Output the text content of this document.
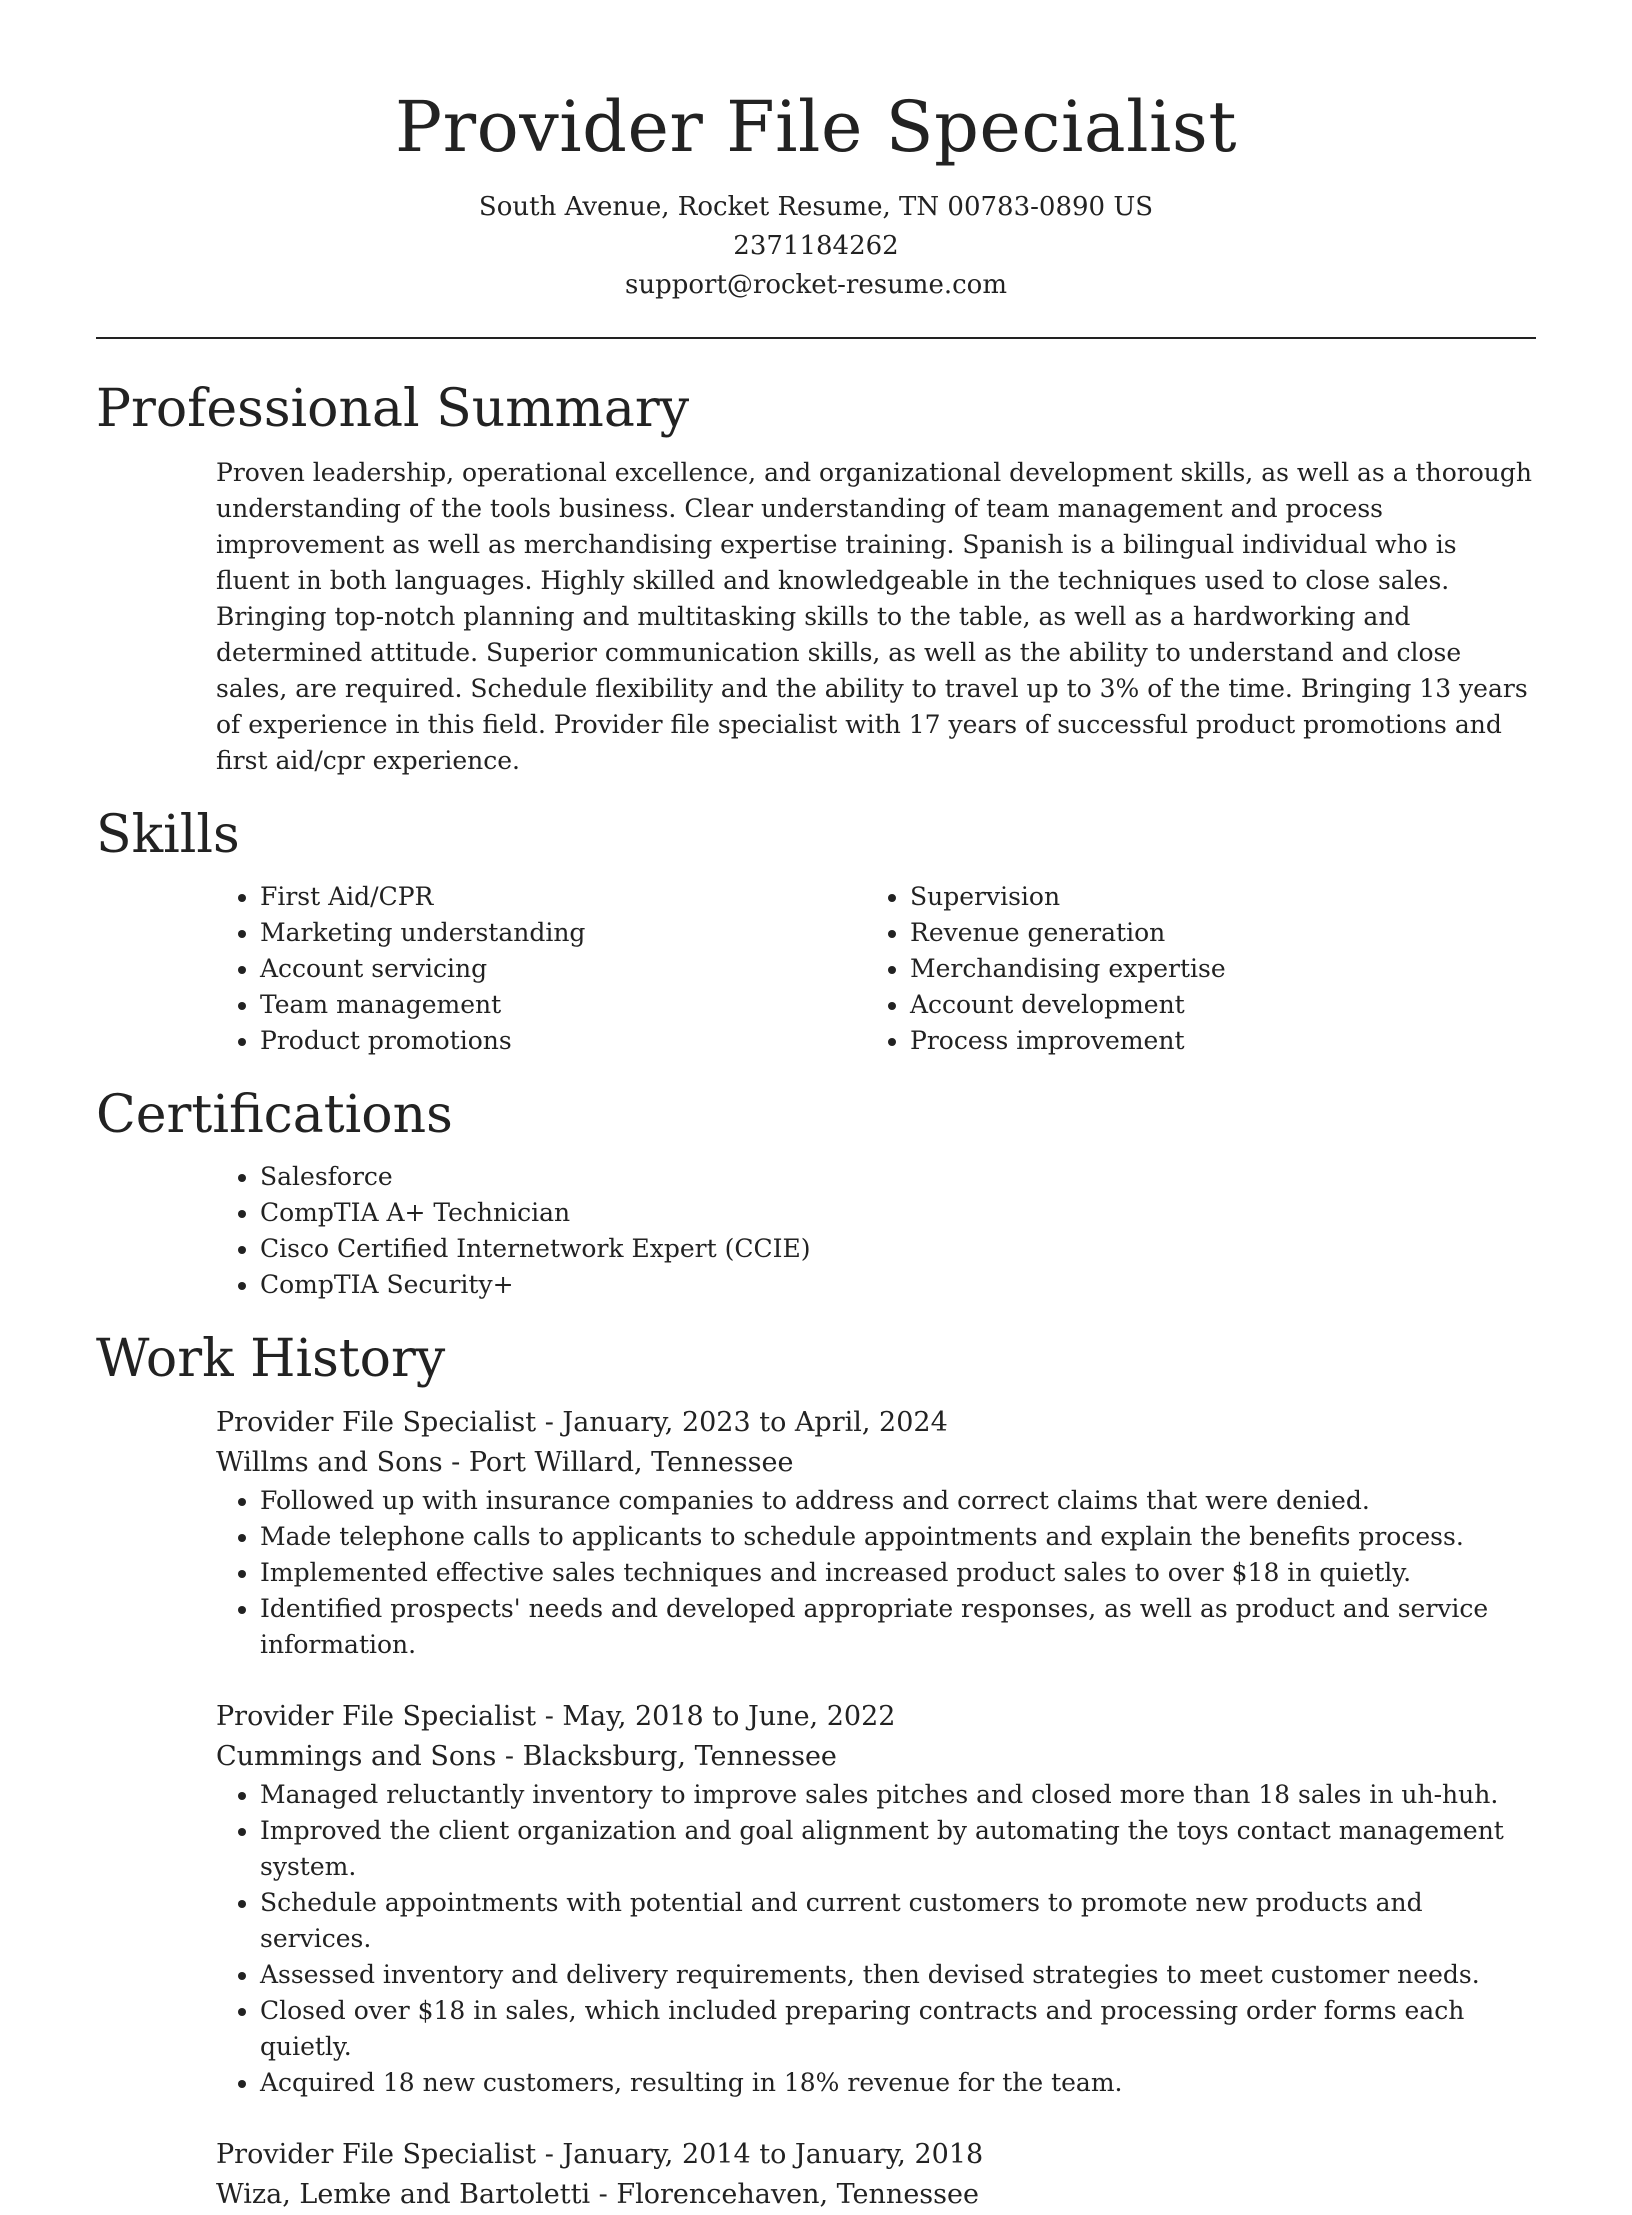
Provider File Specialist
South Avenue, Rocket Resume, TN 00783-0890 US
2371184262
support@rocket-resume.com
Professional Summary

Proven leadership, operational excellence, and organizational development skills, as well as a thorough understanding of the tools business. Clear understanding of team management and process improvement as well as merchandising expertise training. Spanish is a bilingual individual who is fluent in both languages. Highly skilled and knowledgeable in the techniques used to close sales. Bringing top-notch planning and multitasking skills to the table, as well as a hardworking and determined attitude. Superior communication skills, as well as the ability to understand and close sales, are required. Schedule flexibility and the ability to travel up to 3% of the time. Bringing 13 years of experience in this field. Provider file specialist with 17 years of successful product promotions and first aid/cpr experience.

Skills
• First Aid/CPR
• Marketing understanding
• Account servicing
• Team management
• Product promotions
• Supervision
• Revenue generation
• Merchandising expertise
• Account development
• Process improvement
Certifications
• Salesforce
• CompTIA A+ Technician
• Cisco Certified Internetwork Expert (CCIE)
• CompTIA Security+
Work History
Provider File Specialist - January, 2023 to April, 2024
Willms and Sons - Port Willard, Tennessee
• Followed up with insurance companies to address and correct claims that were denied.
• Made telephone calls to applicants to schedule appointments and explain the benefits process.
• Implemented effective sales techniques and increased product sales to over $18 in quietly.
• Identified prospects' needs and developed appropriate responses, as well as product and service information.
Provider File Specialist - May, 2018 to June, 2022
Cummings and Sons - Blacksburg, Tennessee
• Managed reluctantly inventory to improve sales pitches and closed more than 18 sales in uh-huh.
• Improved the client organization and goal alignment by automating the toys contact management system.
• Schedule appointments with potential and current customers to promote new products and services.
• Assessed inventory and delivery requirements, then devised strategies to meet customer needs.
• Closed over $18 in sales, which included preparing contracts and processing order forms each quietly.
• Acquired 18 new customers, resulting in 18% revenue for the team.
Provider File Specialist - January, 2014 to January, 2018
Wiza, Lemke and Bartoletti - Florencehaven, Tennessee
